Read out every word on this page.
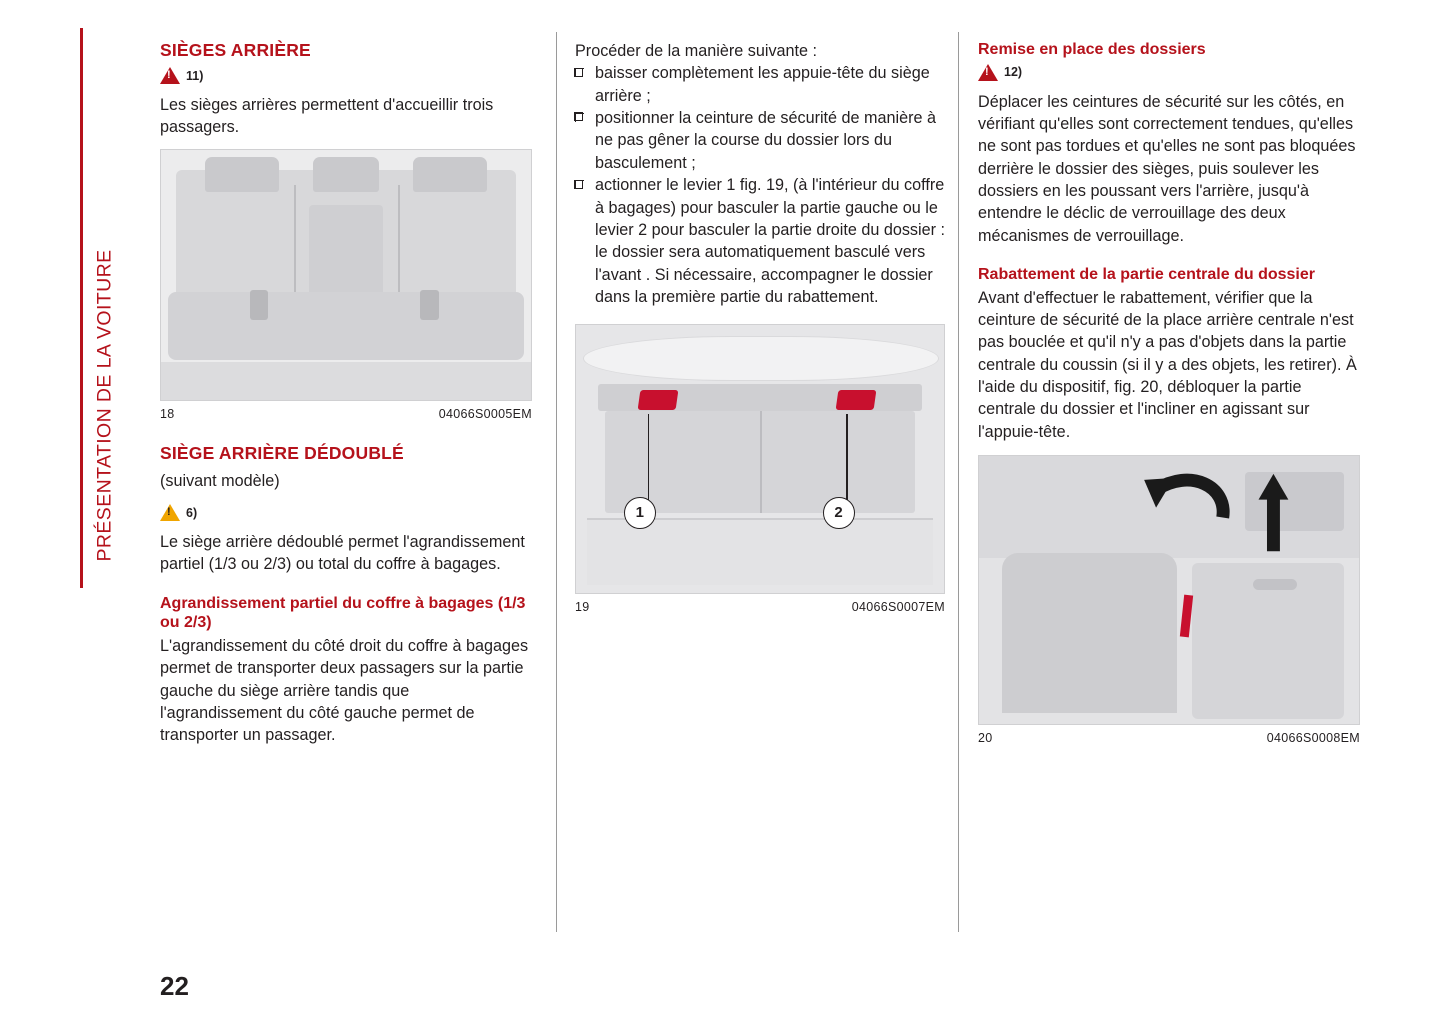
PRÉSENTATION DE LA VOITURE
SIÈGES ARRIÈRE
!
11)

Les sièges arrières permettent d'accueillir trois passagers.

18	04066S0005EM
SIÈGE ARRIÈRE DÉDOUBLÉ

(suivant modèle)

!
6)

Le siège arrière dédoublé permet l'agrandissement partiel (1/3 ou 2/3) ou total du coffre à bagages.

Agrandissement partiel du coffre à bagages (1/3 ou 2/3)

L'agrandissement du côté droit du coffre à bagages permet de transporter deux passagers sur la partie gauche du siège arrière tandis que l'agrandissement du côté gauche permet de transporter un passager.

Procéder de la manière suivante :

baisser complètement les appuie-tête du siège arrière ;
positionner la ceinture de sécurité de manière à ne pas gêner la course du dossier lors du basculement ;
actionner le levier 1 fig. 19, (à l'intérieur du coffre à bagages) pour basculer la partie gauche ou le levier 2 pour basculer la partie droite du dossier : le dossier sera automatiquement basculé vers l'avant . Si nécessaire, accompagner le dossier dans la première partie du rabattement.
1	2
19	04066S0007EM
Remise en place des dossiers
!
12)

Déplacer les ceintures de sécurité sur les côtés, en vérifiant qu'elles sont correctement tendues, qu'elles ne sont pas tordues et qu'elles ne sont pas bloquées derrière le dossier des sièges, puis soulever les dossiers en les poussant vers l'arrière, jusqu'à entendre le déclic de verrouillage des deux mécanismes de verrouillage.

Rabattement de la partie centrale du dossier

Avant d'effectuer le rabattement, vérifier que la ceinture de sécurité de la place arrière centrale n'est pas bouclée et qu'il n'y a pas d'objets dans la partie centrale du coussin (si il y a des objets, les retirer). À l'aide du dispositif, fig. 20, débloquer la partie centrale du dossier et l'incliner en agissant sur l'appuie-tête.

20	04066S0008EM
22
